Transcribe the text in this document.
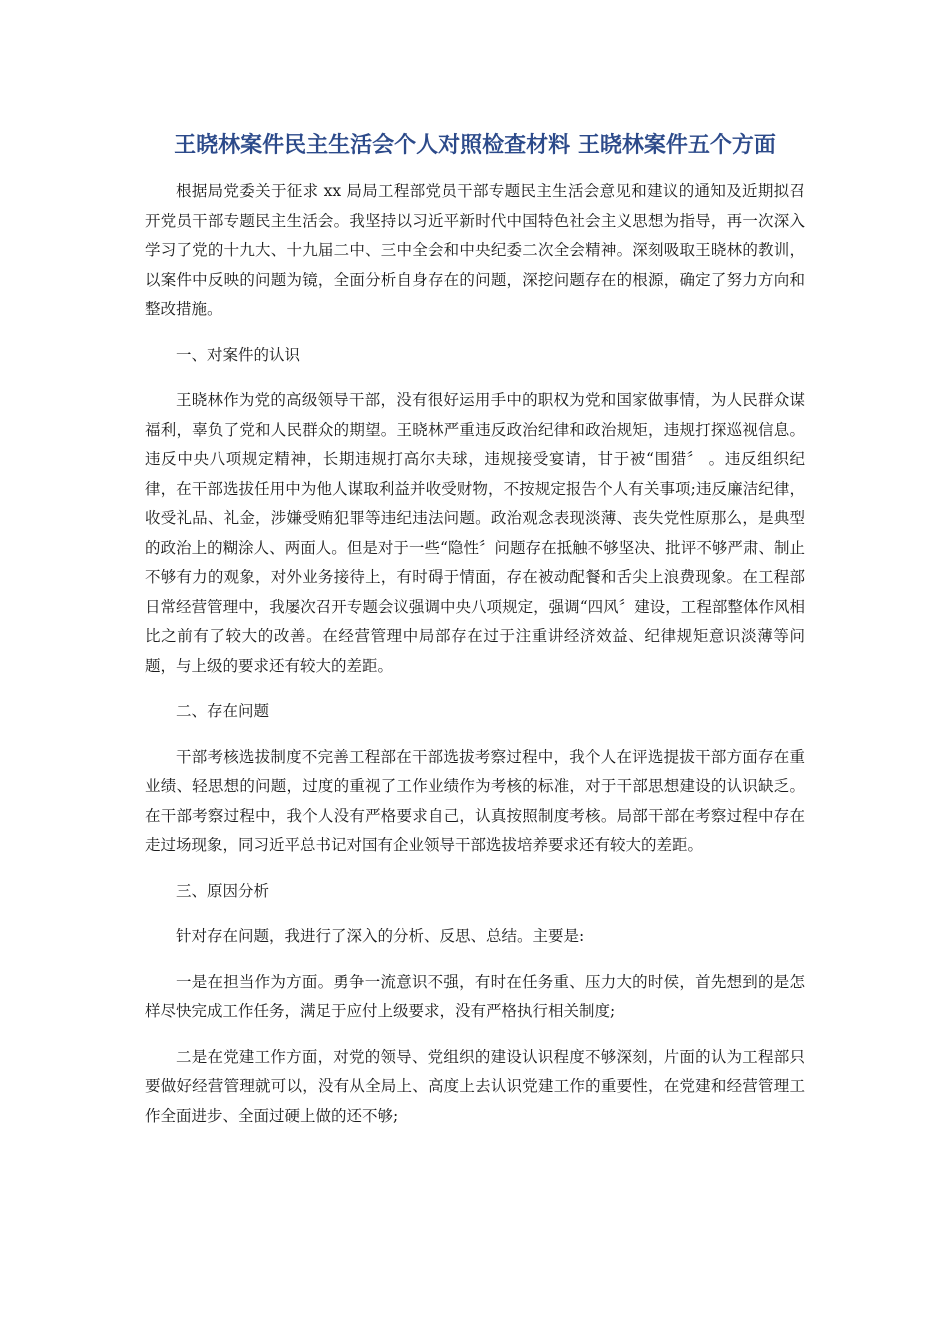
王晓林案件民主生活会个人对照检查材料 王晓林案件五个方面

根据局党委关于征求 xx 局局工程部党员干部专题民主生活会意见和建议的通知及近期拟召开党员干部专题民主生活会。我坚持以习近平新时代中国特色社会主义思想为指导，再一次深入学习了党的十九大、十九届二中、三中全会和中央纪委二次全会精神。深刻吸取王晓林的教训，以案件中反映的问题为镜，全面分析自身存在的问题，深挖问题存在的根源，确定了努力方向和整改措施。

一、对案件的认识

王晓林作为党的高级领导干部，没有很好运用手中的职权为党和国家做事情，为人民群众谋福利，辜负了党和人民群众的期望。王晓林严重违反政治纪律和政治规矩，违规打探巡视信息。违反中央八项规定精神，长期违规打高尔夫球，违规接受宴请，甘于被“围猎〞 。违反组织纪律，在干部选拔任用中为他人谋取利益并收受财物，不按规定报告个人有关事项;违反廉洁纪律，收受礼品、礼金，涉嫌受贿犯罪等违纪违法问题。政治观念表现淡薄、丧失党性原那么，是典型的政治上的糊涂人、两面人。但是对于一些“隐性〞问题存在抵触不够坚决、批评不够严肃、制止不够有力的观象，对外业务接待上，有时碍于情面，存在被动配餐和舌尖上浪费现象。在工程部日常经营管理中，我屡次召开专题会议强调中央八项规定，强调“四风〞建设，工程部整体作风相比之前有了较大的改善。在经营管理中局部存在过于注重讲经济效益、纪律规矩意识淡薄等问题，与上级的要求还有较大的差距。

二、存在问题

干部考核选拔制度不完善工程部在干部选拔考察过程中，我个人在评选提拔干部方面存在重业绩、轻思想的问题，过度的重视了工作业绩作为考核的标准，对于干部思想建设的认识缺乏。在干部考察过程中，我个人没有严格要求自己，认真按照制度考核。局部干部在考察过程中存在走过场现象，同习近平总书记对国有企业领导干部选拔培养要求还有较大的差距。

三、原因分析

针对存在问题，我进行了深入的分析、反思、总结。主要是:

一是在担当作为方面。勇争一流意识不强，有时在任务重、压力大的时侯，首先想到的是怎样尽快完成工作任务，满足于应付上级要求，没有严格执行相关制度;

二是在党建工作方面，对党的领导、党组织的建设认识程度不够深刻，片面的认为工程部只要做好经营管理就可以，没有从全局上、高度上去认识党建工作的重要性，在党建和经营管理工作全面进步、全面过硬上做的还不够;
